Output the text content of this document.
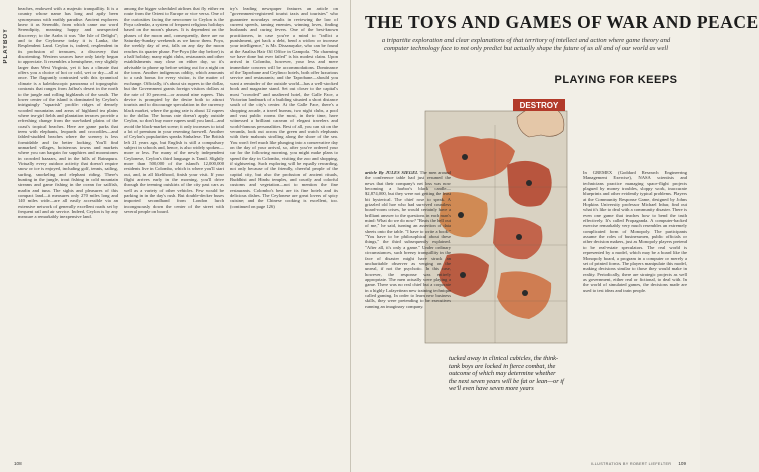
PLAYBOY
beaches, endowed with a majestic tranquillity. It is a country whose name has long and aptly been synonymous with earthly paradise. Ancient explorers knew it as Serendib, from which came our word Serendipity, meaning happy and unexpected discovery; to the Arabs it was "the Isle of Delight"; and to the Ceylonese today it is Lanka, the Resplendent Land. Ceylon is, indeed, resplendent in its profusion of treasures, a discovery that disorienting. Western sources have only lately begun to appreciate. It resembles a hemisphere, very slightly larger than West Virginia, yet it has a climate that offers you a choice of hot or cold, wet or dry—all at once. The flagrantly contrasted with this tyrannical climate is a kaleidoscopic panorama of topographic contrasts that ranges from Jaffna's desert in the north to the jungle and rolling highlands of the south. The lower center of the island is dominated by Ceylon's intriguingly "squarish" profile: ridges of densely wooded mountains and areas of highland tea plains where tea-girl fields and plantation terraces provide a refreshing change from the sun-baked plains of the coast's tropical beaches. Here are game parks that teem with elephants, leopards and crocodiles—and fabled-studded beaches where the scenery is less formidable and far better looking. You'll find unmarked villages, boisterous towns and markets where you can bargain for sapphires and moonstones in crowded bazaars, and in the hills of Ratnapura. Virtually every outdoor activity that doesn't require snow or ice is enjoyed, including golf, tennis, sailing, surfing, snorkeling and elephant riding. There's hunting in the jungle, trout fishing in cold mountain streams and game fishing in the ocean for sailfish, marlin and tuna. The sights and pleasures of this compact land—it measures only 270 miles long and 140 miles wide—are all easily accessible via an extensive network of generally excellent roads set by frequent rail and air service. Indeed, Ceylon is by any measure a remarkably inexpensive land.
among the bigger scheduled airlines that fly either en route from the Orient to Europe or vice versa. One of the curiosities facing the newcomer to Ceylon is the Poya calendar, a system of frequent religious holidays based on the moon's phases. It is dependent on the phases of the moon and, consequently, there are no Saturday-Sunday weekends as we know them. Poya, the weekly day of rest, falls on any day the moon reaches its quarter phase. Pre-Poya (the day before) is a half holiday; many night clubs, restaurants and other establishments may close on either day, so it's advisable to phone up before setting out for a night on the town. Another indigenous oddity, which amounts to a cash bonus for every visitor, is the matter of exchange. Officially, it's about six rupees to the dollar, but the Government grants foreign visitors dollars at the rate of 10 percent—or around nine rupees. This device is prompted by the desire both to attract tourists and to discourage speculation in the currency black market, where the going rate is about 12 rupees to the dollar. The bonus rate doesn't apply outside Ceylon, so don't buy more rupees until you land—and avoid the black-market scene; it only increases to total a lot of premium in your resenting farewell. Another of Ceylon's popularities speaks Sinhalese. The British left 21 years ago, but English is still a compulsory subject in schools and, hence, is also widely spoken—more or less. For many of the newly independent Ceylonese, Ceylon's third language is Tamil. Slightly more than 500,000 of the island's 12,000,000 residents live in Colombo, which is where you'll start out, and, in all likelihood, finish your visit. If your flight arrives early in the morning, you'll drive through the teeming outskirts of the city past cars as well as a variety of other vehicles. Few would be parking in in the day's rush. But double-decker buses imported secondhand from London lurch incongruously down the center of the street with several people on board.
try's leading newspaper features an article on "government-registered tourist taxis and touristes" who guarantee nowadays results in reviewing the law of current speeds, taming enemies, winning loves, finding husbands and curing fevers. One of the best-known practitioners, in case you've a mind to "inflict a punishment, get back a debt, bend a widow or increase your intelligence," is Mr. Dissanayake, who can be found at the Analisa Hair Oil Office in Gampola. "No charming we have done but ever failed" is his modest claim. Upon arrival in Colombo, however, your less and mere immediate concern will be accommodations. Dominance of the Taprobane and Ceylinco hotels, both offer luxurious service and restaurants; and the Taprobane—should you want a reminder of the outside world—has a well-stocked book and magazine stand. Set out closer to the capital's most "crowded" and unaltered hotel, the Galle Face, a Victorian landmark of a building situated a short distance south of the city's center. At the Galle Face, there's a shopping arcade, a travel bureau, two night clubs, a pool and vast public rooms the most, in their time, have witnessed a brilliant caravan of elegant travelers and world-famous personalities. Best of all, you can sit on the veranda, look out across the green and watch elephants with their mahouts strolling along the shore of the sea. You won't feel much like plunging into a conservative day on the day of your arrival, so, after you've ordered your car for the following morning, you might make plans to spend the day in Colombo, visiting the zoo and shopping, if sightseeing. Such exploring will be equally rewarding, not only because of the friendly, cheerful people of the capital city, but also the profusion of ancient rituals, Buddhist and Hindu temples, and courtly and colorful customs and vegetation—not to mention the fine restaurants. Colombo's best are its fine hotels and its delicious dishes. The Ceylonese are great lovers of spicy cuisine; and the Chinese cooking is excellent, too. (continued on page 126)
108
THE TOYS AND GAMES OF WAR AND PEACE
a tripartite exploration and clear explanations of that territory of intellect and action where game theory and computer technology face to not only predict but actually shape the future of us all and of our world as well
PLAYING FOR KEEPS
DESTROY
tucked away in clinical cubicles, the think-tank boys are locked in fierce combat, the outcome of which may determine whether the next seven years will be fat or lean—or if we'll even have seven more years
article By JULES SIEGEL The men around the conference table had just resumed the news that their company's net loss was now becoming a harbor's black candle—$2,874,000, but they were not getting the least bit hysterical. The chief rose to speak. A grizzled old hoe who had survived countless board-room crises, he would certainly have a brilliant answer to the questions in each man's mind: What do we do now? "Beats the hell out of me," he said, turning an assertion of data sheets onto the table. "I have to write a book." "You have to be philosophical about these things," the third subsequently explained. "After all, it's only a game." Under ordinary circumstances, such breezy tranquillity in the face of disaster might have struck an uncharitable observer as verging on the unreal, if not the psychotic. In this case, however, the response was entirely appropriate. The men actually were playing a game. There was no real chief but a corporate in a highly Lafayettean new training technique called gaming. In order to learn new business skills, they were pretending to be executives running an imaginary company.
In GREMEX (Goddard Research Engineering Management Exercise), NASA scientists and technicians practice managing space-flight projects plagued by money troubles, sloppy work, inaccurate blueprints and other evidently typical problems. Players at the Community Response Game, designed by Johns Hopkins University professor Michael Inbar, find out what it's like to deal with a community disaster. There is even one game that teaches how to bend the truth effectively. It's called Propaganda. A computer-backed exercise remarkably very much resembles an extremely complicated form of Monopoly. The participants assume the roles of businessmen, public officials or other decision makers, just as Monopoly players pretend to be real-estate speculators. The real world is represented by a model, which may be a board like the Monopoly board, a program in a computer or merely a set of printed forms. The players manipulate this model, making decisions similar to those they would make in reality. Periodically, there are strategic projects as well as government, either real or fictional, to deal with. In the world of simulated games, the decisions made are used to test ideas and train people.
ILLUSTRATION BY ROBERT LIEFELTER 109
